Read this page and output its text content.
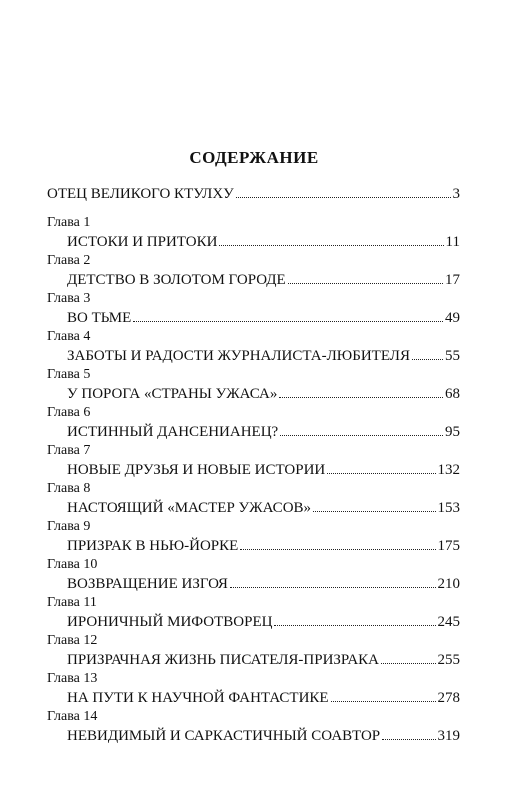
СОДЕРЖАНИЕ
ОТЕЦ ВЕЛИКОГО КТУЛХУ	3
Глава 1
ИСТОКИ И ПРИТОКИ	11
Глава 2
ДЕТСТВО В ЗОЛОТОМ ГОРОДЕ	17
Глава 3
ВО ТЬМЕ	49
Глава 4
ЗАБОТЫ И РАДОСТИ ЖУРНАЛИСТА-ЛЮБИТЕЛЯ 55
Глава 5
У ПОРОГА «СТРАНЫ УЖАСА»	68
Глава 6
ИСТИННЫЙ ДАНСЕНИАНЕЦ?	95
Глава 7
НОВЫЕ ДРУЗЬЯ И НОВЫЕ ИСТОРИИ	132
Глава 8
НАСТОЯЩИЙ «МАСТЕР УЖАСОВ»	153
Глава 9
ПРИЗРАК В НЬЮ-ЙОРКЕ	175
Глава 10
ВОЗВРАЩЕНИЕ ИЗГОЯ	210
Глава 11
ИРОНИЧНЫЙ МИФОТВОРЕЦ	245
Глава 12
ПРИЗРАЧНАЯ ЖИЗНЬ ПИСАТЕЛЯ-ПРИЗРАКА	255
Глава 13
НА ПУТИ К НАУЧНОЙ ФАНТАСТИКЕ	278
Глава 14
НЕВИДИМЫЙ И САРКАСТИЧНЫЙ СОАВТОР	319
